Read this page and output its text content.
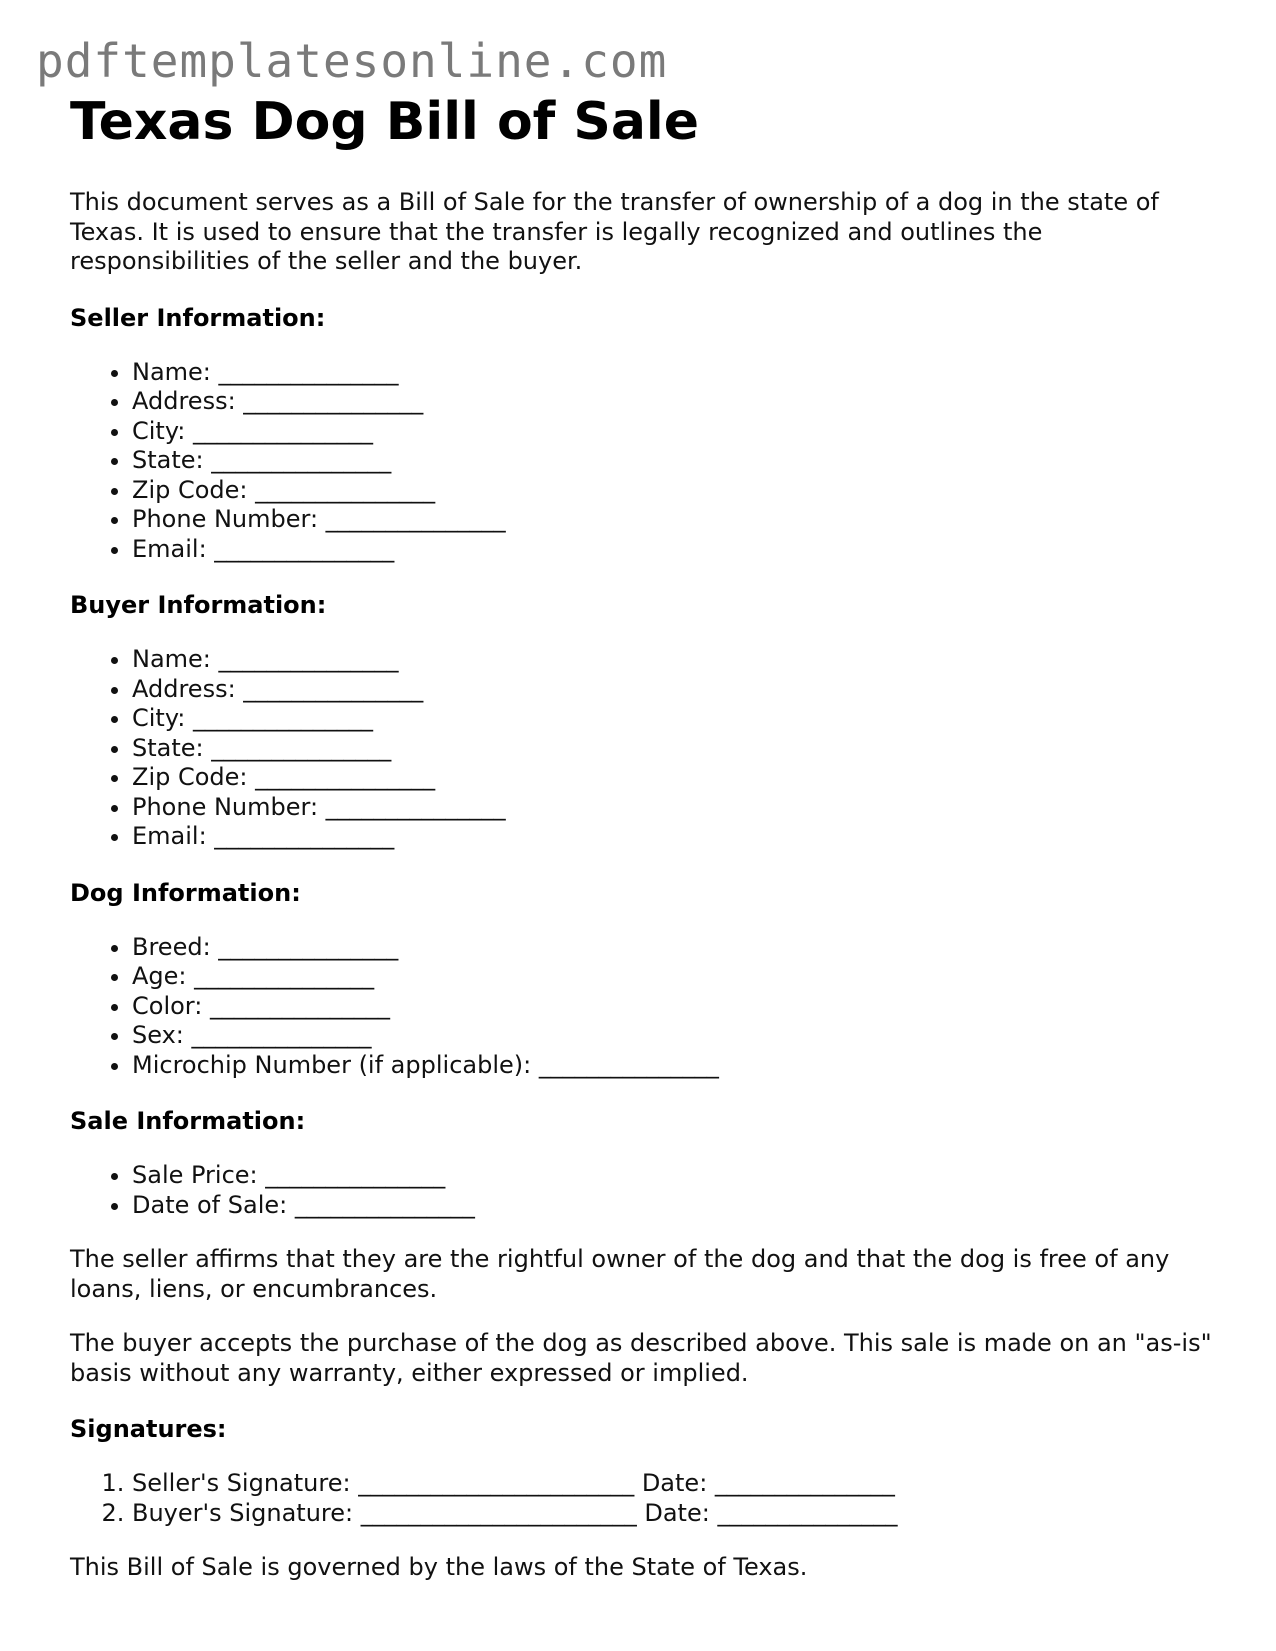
pdftemplatesonline.com
Texas Dog Bill of Sale

This document serves as a Bill of Sale for the transfer of ownership of a dog in the state of Texas. It is used to ensure that the transfer is legally recognized and outlines the responsibilities of the seller and the buyer.

Seller Information:
• Name: _______________
• Address: _______________
• City: _______________
• State: _______________
• Zip Code: _______________
• Phone Number: _______________
• Email: _______________
Buyer Information:
• Name: _______________
• Address: _______________
• City: _______________
• State: _______________
• Zip Code: _______________
• Phone Number: _______________
• Email: _______________
Dog Information:
• Breed: _______________
• Age: _______________
• Color: _______________
• Sex: _______________
• Microchip Number (if applicable): _______________
Sale Information:
• Sale Price: _______________
• Date of Sale: _______________

The seller affirms that they are the rightful owner of the dog and that the dog is free of any loans, liens, or encumbrances.

The buyer accepts the purchase of the dog as described above. This sale is made on an "as-is" basis without any warranty, either expressed or implied.

Signatures:
1. Seller's Signature: _______________________ Date: _______________
2. Buyer's Signature: _______________________ Date: _______________

This Bill of Sale is governed by the laws of the State of Texas.
